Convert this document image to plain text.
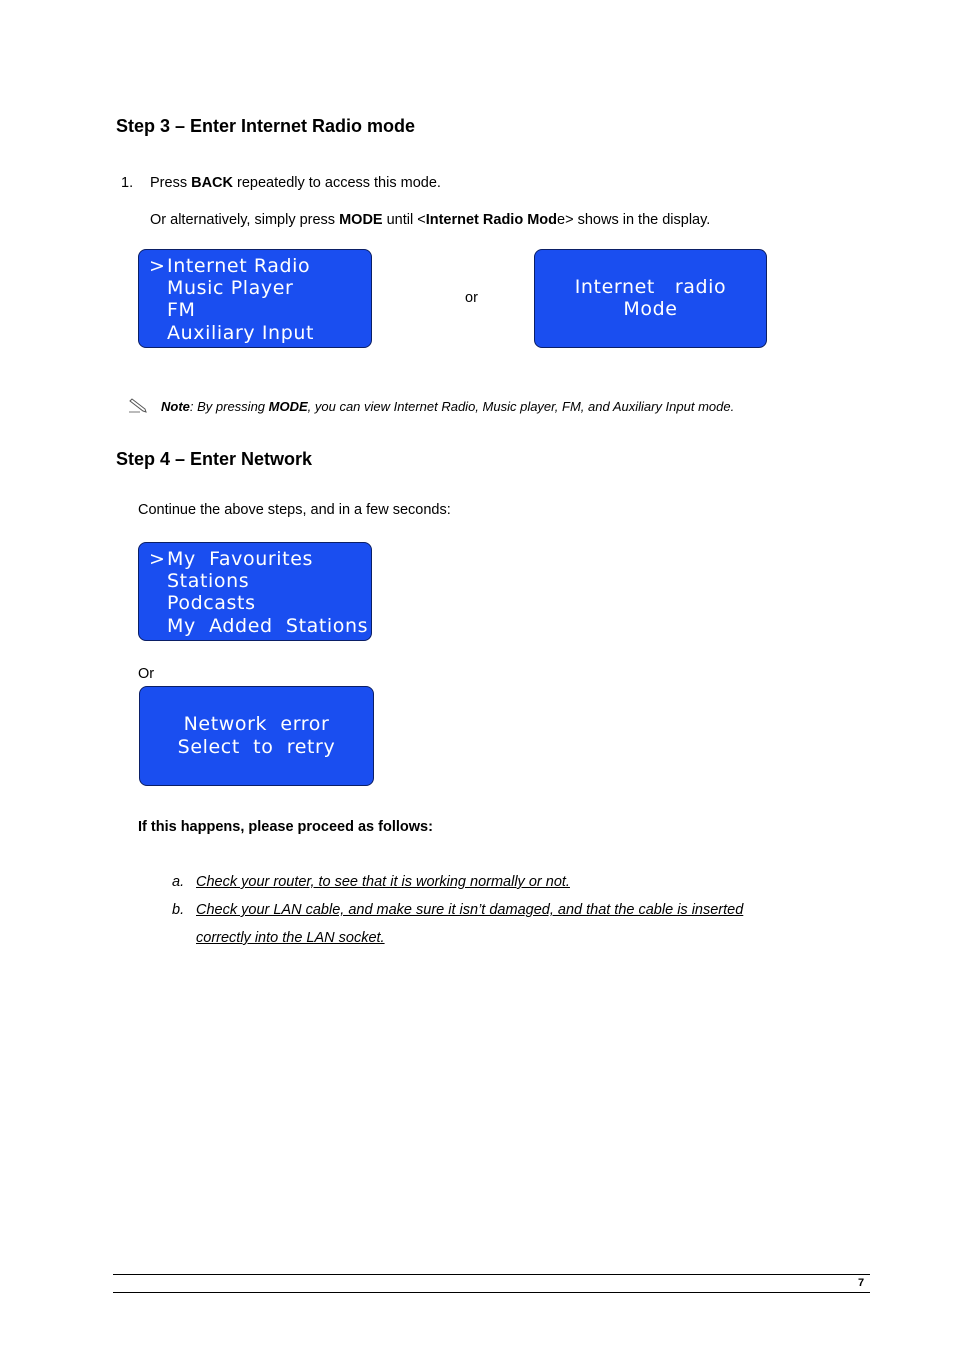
Step 3 – Enter Internet Radio mode
1. Press BACK repeatedly to access this mode.
Or alternatively, simply press MODE until <Internet Radio Mode> shows in the display.
> Internet Radio
Music Player
FM
Auxiliary Input
or	Internet   radio
Mode
Note: By pressing MODE, you can view Internet Radio, Music player, FM, and Auxiliary Input mode.
Step 4 – Enter Network
Continue the above steps, and in a few seconds:
> My  Favourites
Stations
Podcasts
My  Added  Stations
Or
Network  error
Select  to  retry
If this happens, please proceed as follows:
a. Check your router, to see that it is working normally or not.
b. Check your LAN cable, and make sure it isn’t damaged, and that the cable is inserted
correctly into the LAN socket.
7
